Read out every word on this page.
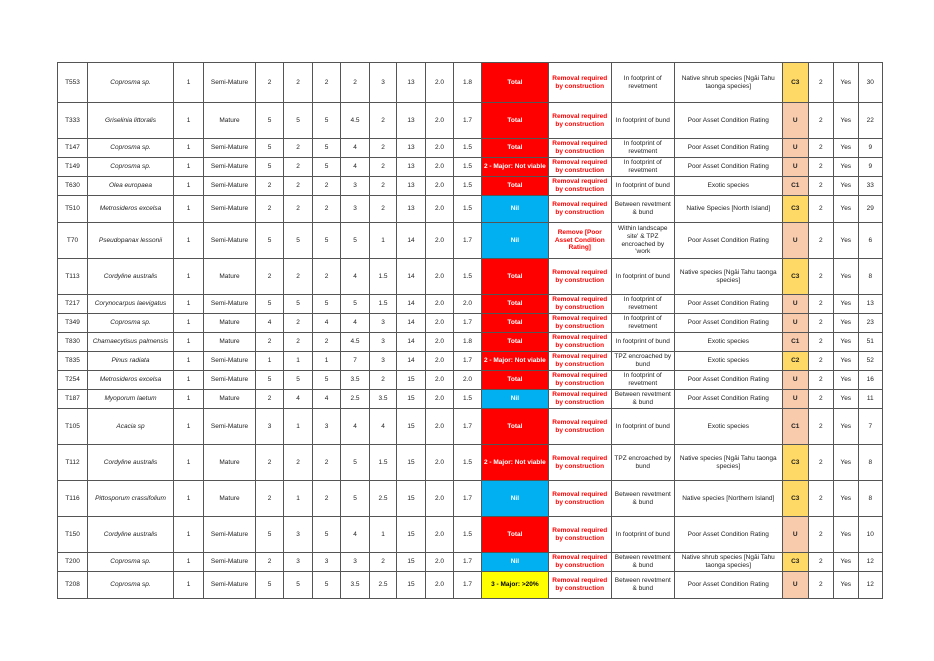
T553	Coprosma sp.	1	Semi-Mature	2	2	2	2	3	13	2.0	1.8	Total	Removal required by construction	In footprint of revetment	Native shrub species [Ngāi Tahu taonga species]	C3	2	Yes	30
T333	Griselinia littoralis	1	Mature	5	5	5	4.5	2	13	2.0	1.7	Total	Removal required by construction	In footprint of bund	Poor Asset Condition Rating	U	2	Yes	22
T147	Coprosma sp.	1	Semi-Mature	5	2	5	4	2	13	2.0	1.5	Total	Removal required by construction	In footprint of revetment	Poor Asset Condition Rating	U	2	Yes	9
T149	Coprosma sp.	1	Semi-Mature	5	2	5	4	2	13	2.0	1.5	2 - Major: Not viable	Removal required by construction	In footprint of revetment	Poor Asset Condition Rating	U	2	Yes	9
T630	Olea europaea	1	Semi-Mature	2	2	2	3	2	13	2.0	1.5	Total	Removal required by construction	In footprint of bund	Exotic species	C1	2	Yes	33
T510	Metrosideros excelsa	1	Semi-Mature	2	2	2	3	2	13	2.0	1.5	Nil	Removal required by construction	Between revetment & bund	Native Species [North Island]	C3	2	Yes	29
T70	Pseudopanax lessonii	1	Semi-Mature	5	5	5	5	1	14	2.0	1.7	Nil	Remove [Poor Asset Condition Rating]	Within landscape site' & TPZ encroached by 'work	Poor Asset Condition Rating	U	2	Yes	6
T113	Cordyline australis	1	Mature	2	2	2	4	1.5	14	2.0	1.5	Total	Removal required by construction	In footprint of bund	Native species [Ngāi Tahu taonga species]	C3	2	Yes	8
T217	Corynocarpus laevigatus	1	Semi-Mature	5	5	5	5	1.5	14	2.0	2.0	Total	Removal required by construction	In footprint of revetment	Poor Asset Condition Rating	U	2	Yes	13
T349	Coprosma sp.	1	Mature	4	2	4	4	3	14	2.0	1.7	Total	Removal required by construction	In footprint of revetment	Poor Asset Condition Rating	U	2	Yes	23
T830	Chamaecytisus palmensis	1	Mature	2	2	2	4.5	3	14	2.0	1.8	Total	Removal required by construction	In footprint of bund	Exotic species	C1	2	Yes	51
T835	Pinus radiata	1	Semi-Mature	1	1	1	7	3	14	2.0	1.7	2 - Major: Not viable	Removal required by construction	TPZ encroached by bund	Exotic species	C2	2	Yes	52
T254	Metrosideros excelsa	1	Semi-Mature	5	5	5	3.5	2	15	2.0	2.0	Total	Removal required by construction	In footprint of revetment	Poor Asset Condition Rating	U	2	Yes	16
T187	Myoporum laetum	1	Mature	2	4	4	2.5	3.5	15	2.0	1.5	Nil	Removal required by construction	Between revetment & bund	Poor Asset Condition Rating	U	2	Yes	11
T105	Acacia sp	1	Semi-Mature	3	1	3	4	4	15	2.0	1.7	Total	Removal required by construction	In footprint of bund	Exotic species	C1	2	Yes	7
T112	Cordyline australis	1	Mature	2	2	2	5	1.5	15	2.0	1.5	2 - Major: Not viable	Removal required by construction	TPZ encroached by bund	Native species [Ngāi Tahu taonga species]	C3	2	Yes	8
T116	Pittosporum crassifolium	1	Mature	2	1	2	5	2.5	15	2.0	1.7	Nil	Removal required by construction	Between revetment & bund	Native species [Northern Island]	C3	2	Yes	8
T150	Cordyline australis	1	Semi-Mature	5	3	5	4	1	15	2.0	1.5	Total	Removal required by construction	In footprint of bund	Poor Asset Condition Rating	U	2	Yes	10
T200	Coprosma sp.	1	Semi-Mature	2	3	3	3	2	15	2.0	1.7	Nil	Removal required by construction	Between revetment & bund	Native shrub species [Ngāi Tahu taonga species]	C3	2	Yes	12
T208	Coprosma sp.	1	Semi-Mature	5	5	5	3.5	2.5	15	2.0	1.7	3 - Major: >20%	Removal required by construction	Between revetment & bund	Poor Asset Condition Rating	U	2	Yes	12
